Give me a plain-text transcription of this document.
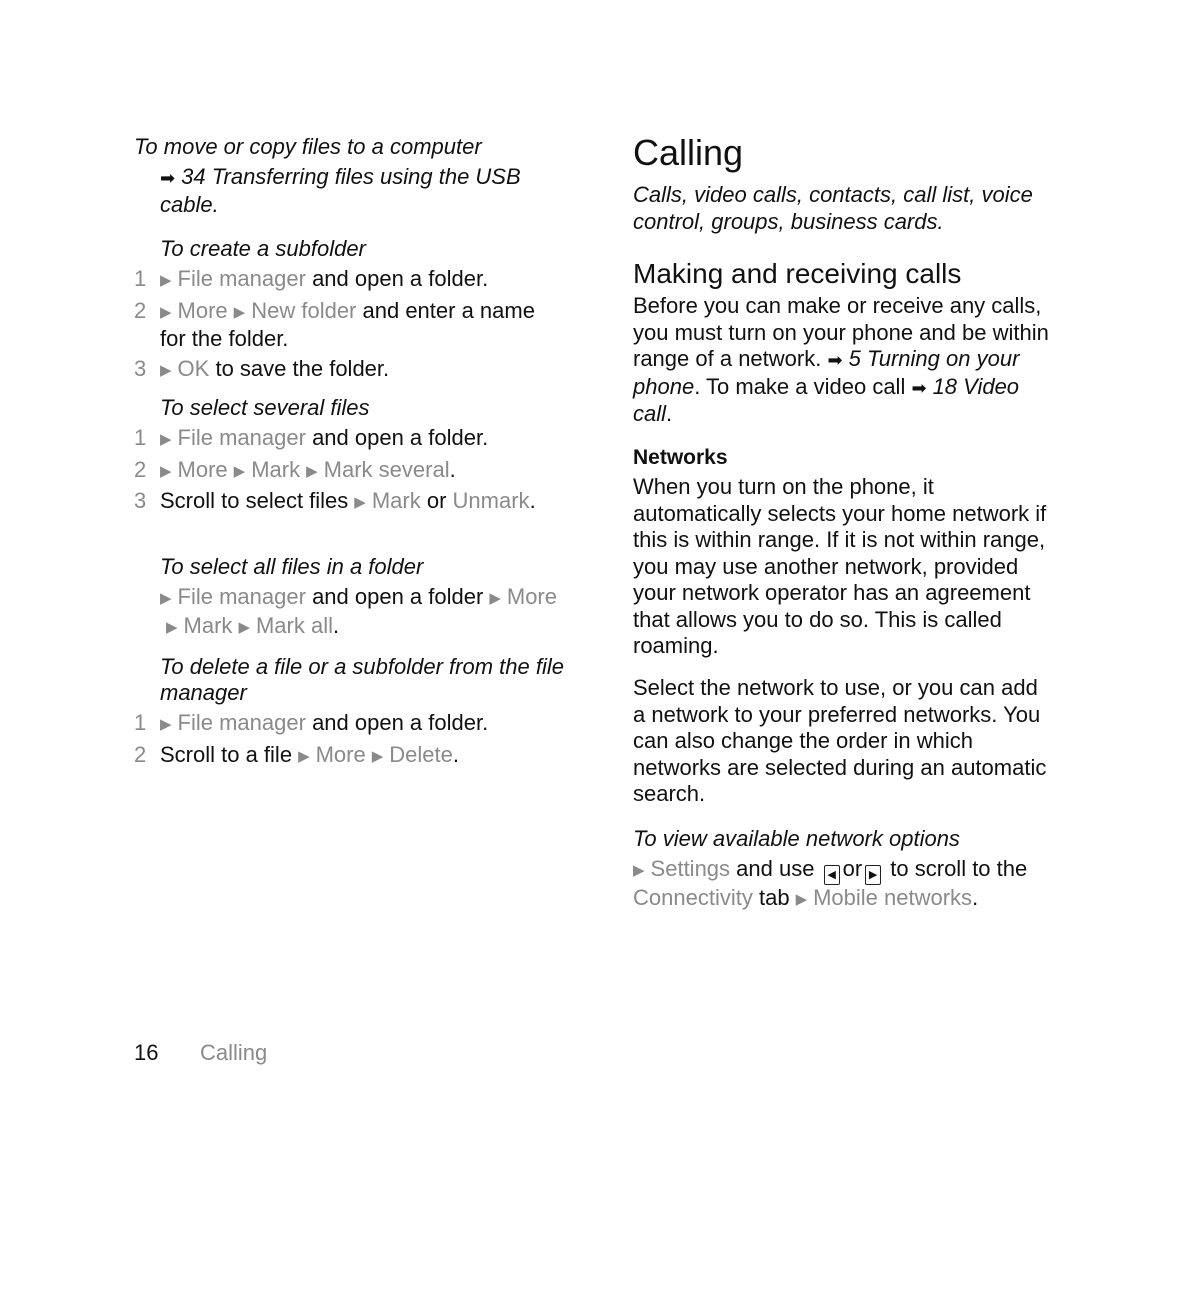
To move or copy files to a computer

➡ 34 Transferring files using the USB cable.

To create a subfolder

1 ▶ File manager and open a folder.
2 ▶ More ▶ New folder and enter a name for the folder.
3 ▶ OK to save the folder.

To select several files

1 ▶ File manager and open a folder.
2 ▶ More ▶ Mark ▶ Mark several.
3 Scroll to select files ▶ Mark or Unmark.

To select all files in a folder

▶ File manager and open a folder ▶ More▶ Mark ▶ Mark all.

To delete a file or a subfolder from the file manager

1 ▶ File manager and open a folder.
2 Scroll to a file ▶ More ▶ Delete.
Calling

Calls, video calls, contacts, call list, voice control, groups, business cards.

Making and receiving calls

Before you can make or receive any calls, you must turn on your phone and be within range of a network. ➡ 5 Turning on your phone. To make a video call ➡ 18 Video call.

Networks

When you turn on the phone, it automatically selects your home network if this is within range. If it is not within range, you may use another network, provided your network operator has an agreement that allows you to do so. This is called roaming.

Select the network to use, or you can add a network to your preferred networks. You can also change the order in which networks are selected during an automatic search.

To view available network options

▶ Settings and use ◀ or ▶ to scroll to the Connectivity tab ▶ Mobile networks.
16 Calling
